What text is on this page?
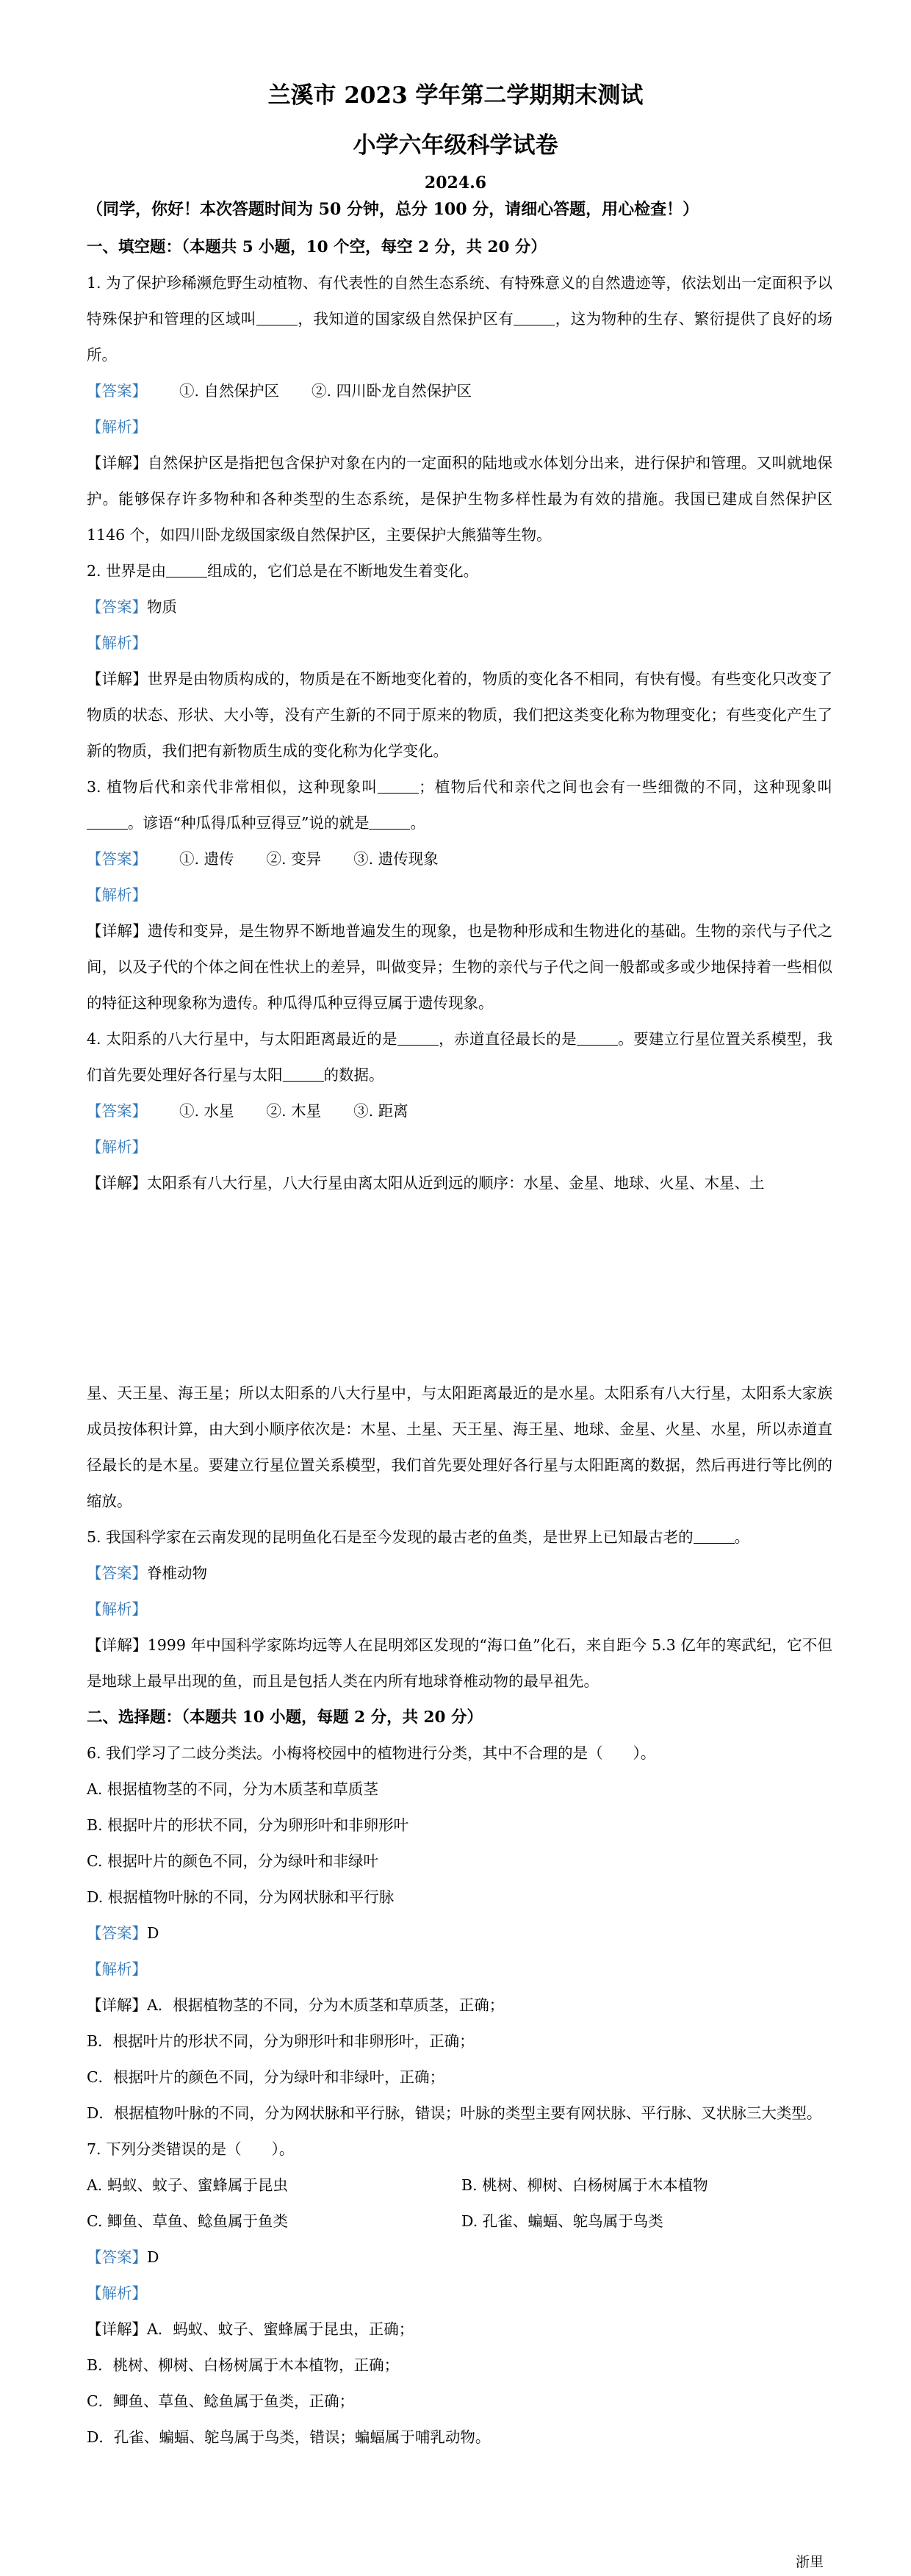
兰溪市 2023 学年第二学期期末测试
小学六年级科学试卷
2024.6
（同学，你好！本次答题时间为 50 分钟，总分 100 分，请细心答题，用心检查！）
一、填空题：（本题共 5 小题，10 个空，每空 2 分，共 20 分）
1. 为了保护珍稀濒危野生动植物、有代表性的自然生态系统、有特殊意义的自然遗迹等，依法划出一定面积予以特殊保护和管理的区域叫	，我知道的国家级自然保护区有	，这为物种的生存、繁衍提供了良好的场所。
【答案】 ①. 自然保护区 ②. 四川卧龙自然保护区
【解析】
【详解】自然保护区是指把包含保护对象在内的一定面积的陆地或水体划分出来，进行保护和管理。又叫就地保护。能够保存许多物种和各种类型的生态系统，是保护生物多样性最为有效的措施。我国已建成自然保护区 1146 个，如四川卧龙级国家级自然保护区，主要保护大熊猫等生物。
2. 世界是由	组成的，它们总是在不断地发生着变化。
【答案】物质
【解析】
【详解】世界是由物质构成的，物质是在不断地变化着的，物质的变化各不相同，有快有慢。有些变化只改变了物质的状态、形状、大小等，没有产生新的不同于原来的物质，我们把这类变化称为物理变化；有些变化产生了新的物质，我们把有新物质生成的变化称为化学变化。
3. 植物后代和亲代非常相似，这种现象叫	；植物后代和亲代之间也会有一些细微的不同，这种现象叫。谚语“种瓜得瓜种豆得豆”说的就是	。
【答案】 ①. 遗传 ②. 变异 ③. 遗传现象
【解析】
【详解】遗传和变异，是生物界不断地普遍发生的现象，也是物种形成和生物进化的基础。生物的亲代与子代之间，以及子代的个体之间在性状上的差异，叫做变异；生物的亲代与子代之间一般都或多或少地保持着一些相似的特征这种现象称为遗传。种瓜得瓜种豆得豆属于遗传现象。
4. 太阳系的八大行星中，与太阳距离最近的是	，赤道直径最长的是	。要建立行星位置关系模型，我们首先要处理好各行星与太阳	的数据。
【答案】 ①. 水星 ②. 木星 ③. 距离
【解析】
【详解】太阳系有八大行星，八大行星由离太阳从近到远的顺序：水星、金星、地球、火星、木星、土
星、天王星、海王星；所以太阳系的八大行星中，与太阳距离最近的是水星。太阳系有八大行星，太阳系大家族成员按体积计算，由大到小顺序依次是：木星、土星、天王星、海王星、地球、金星、火星、水星，所以赤道直径最长的是木星。要建立行星位置关系模型，我们首先要处理好各行星与太阳距离的数据，然后再进行等比例的缩放。
5. 我国科学家在云南发现的昆明鱼化石是至今发现的最古老的鱼类，是世界上已知最古老的	。
【答案】脊椎动物
【解析】
【详解】1999 年中国科学家陈均远等人在昆明郊区发现的“海口鱼”化石，来自距今 5.3 亿年的寒武纪，它不但是地球上最早出现的鱼，而且是包括人类在内所有地球脊椎动物的最早祖先。
二、选择题：（本题共 10 小题，每题 2 分，共 20 分）
6. 我们学习了二歧分类法。小梅将校园中的植物进行分类，其中不合理的是（　　）。
A. 根据植物茎的不同，分为木质茎和草质茎
B. 根据叶片的形状不同，分为卵形叶和非卵形叶
C. 根据叶片的颜色不同，分为绿叶和非绿叶
D. 根据植物叶脉的不同，分为网状脉和平行脉
【答案】D
【解析】
【详解】A．根据植物茎的不同，分为木质茎和草质茎，正确；
B．根据叶片的形状不同，分为卵形叶和非卵形叶，正确；
C．根据叶片的颜色不同，分为绿叶和非绿叶，正确；
D．根据植物叶脉的不同，分为网状脉和平行脉，错误；叶脉的类型主要有网状脉、平行脉、叉状脉三大类型。
7. 下列分类错误的是（　　）。
A. 蚂蚁、蚊子、蜜蜂属于昆虫	B. 桃树、柳树、白杨树属于木本植物
C. 鲫鱼、草鱼、鲶鱼属于鱼类	D. 孔雀、蝙蝠、鸵鸟属于鸟类
【答案】D
【解析】
【详解】A．蚂蚁、蚊子、蜜蜂属于昆虫，正确；
B．桃树、柳树、白杨树属于木本植物，正确；
C．鲫鱼、草鱼、鲶鱼属于鱼类，正确；
D．孔雀、蝙蝠、鸵鸟属于鸟类，错误；蝙蝠属于哺乳动物。
浙里
